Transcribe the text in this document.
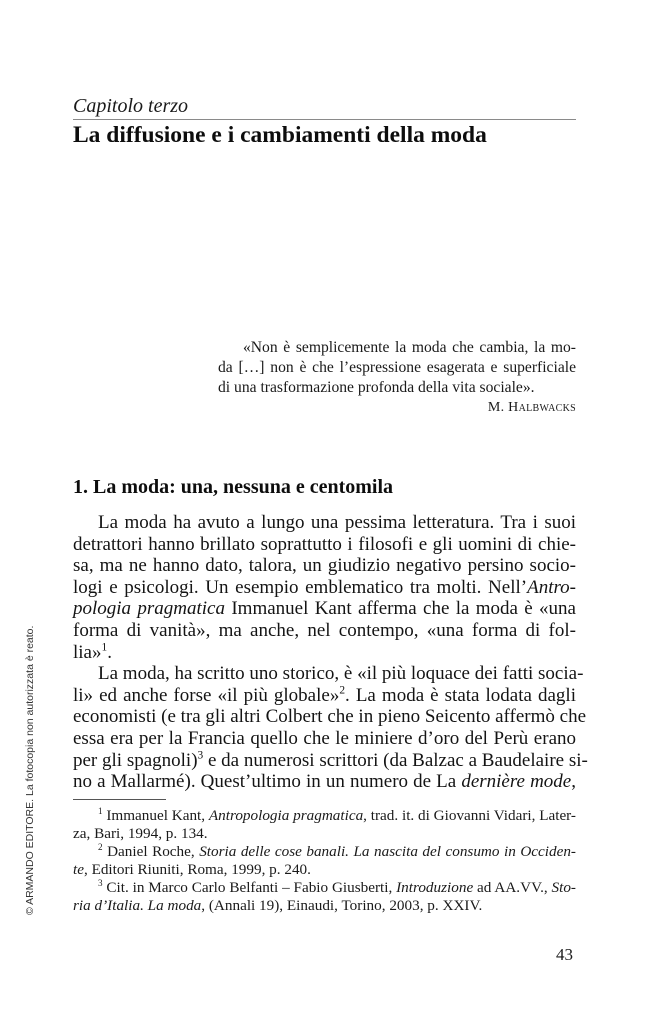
Capitolo terzo
La diffusione e i cambiamenti della moda
«Non è semplicemente la moda che cambia, la mo-
da […] non è che l’espressione esagerata e superficiale
di una trasformazione profonda della vita sociale».
M. Halbwacks
1. La moda: una, nessuna e centomila
La moda ha avuto a lungo una pessima letteratura. Tra i suoi
detrattori hanno brillato soprattutto i filosofi e gli uomini di chie-
sa, ma ne hanno dato, talora, un giudizio negativo persino socio-
logi e psicologi. Un esempio emblematico tra molti. Nell’Antro-
pologia pragmatica Immanuel Kant afferma che la moda è «una
forma di vanità», ma anche, nel contempo, «una forma di fol-
lia»$^1$.
La moda, ha scritto uno storico, è «il più loquace dei fatti socia-
li» ed anche forse «il più globale»$^2$. La moda è stata lodata dagli
economisti (e tra gli altri Colbert che in pieno Seicento affermò che
essa era per la Francia quello che le miniere d’oro del Perù erano
per gli spagnoli)$^3$ e da numerosi scrittori (da Balzac a Baudelaire si-
no a Mallarmé). Quest’ultimo in un numero de La dernière mode,
$^1$ Immanuel Kant, Antropologia pragmatica, trad. it. di Giovanni Vidari, Later-
za, Bari, 1994, p. 134.
$^2$ Daniel Roche, Storia delle cose banali. La nascita del consumo in Occiden-
te, Editori Riuniti, Roma, 1999, p. 240.
$^3$ Cit. in Marco Carlo Belfanti – Fabio Giusberti, Introduzione ad AA.VV., Sto-
ria d’Italia. La moda, (Annali 19), Einaudi, Torino, 2003, p. XXIV.
43
© ARMANDO EDITORE. La fotocopia non autorizzata è reato.
